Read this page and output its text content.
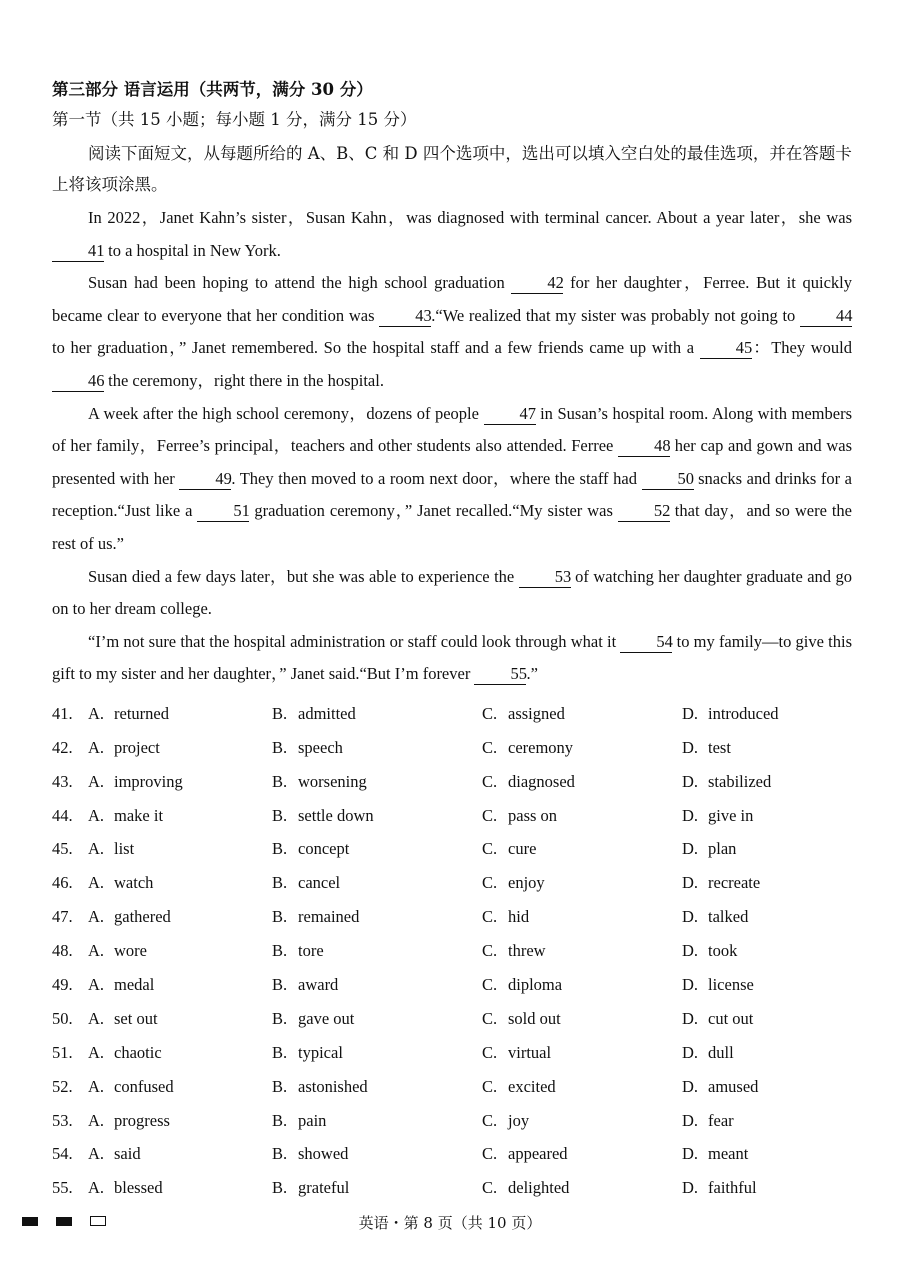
第三部分 语言运用（共两节，满分 30 分）
第一节（共 15 小题；每小题 1 分，满分 15 分）
阅读下面短文，从每题所给的 A、B、C 和 D 四个选项中，选出可以填入空白处的最佳选项，并在答题卡上将该项涂黑。
In 2022，Janet Kahn’s sister，Susan Kahn，was diagnosed with terminal cancer. About a year later，she was 41 to a hospital in New York.
Susan had been hoping to attend the high school graduation 42 for her daughter，Ferree. But it quickly became clear to everyone that her condition was 43.“We realized that my sister was probably not going to 44 to her graduation，” Janet remembered. So the hospital staff and a few friends came up with a 45：They would 46 the ceremony，right there in the hospital.
A week after the high school ceremony，dozens of people 47 in Susan’s hospital room. Along with members of her family，Ferree’s principal，teachers and other students also attended. Ferree 48 her cap and gown and was presented with her 49. They then moved to a room next door，where the staff had 50 snacks and drinks for a reception.“Just like a 51 graduation ceremony，” Janet recalled.“My sister was 52 that day，and so were the rest of us.”
Susan died a few days later，but she was able to experience the 53 of watching her daughter graduate and go on to her dream college.
“I’m not sure that the hospital administration or staff could look through what it 54 to my family—to give this gift to my sister and her daughter，” Janet said.“But I’m forever 55.”
41. A. returned	B. admitted	C. assigned	D. introduced
42. A. project	B. speech	C. ceremony	D. test
43. A. improving	B. worsening	C. diagnosed	D. stabilized
44. A. make it	B. settle down	C. pass on	D. give in
45. A. list	B. concept	C. cure	D. plan
46. A. watch	B. cancel	C. enjoy	D. recreate
47. A. gathered	B. remained	C. hid	D. talked
48. A. wore	B. tore	C. threw	D. took
49. A. medal	B. award	C. diploma	D. license
50. A. set out	B. gave out	C. sold out	D. cut out
51. A. chaotic	B. typical	C. virtual	D. dull
52. A. confused	B. astonished	C. excited	D. amused
53. A. progress	B. pain	C. joy	D. fear
54. A. said	B. showed	C. appeared	D. meant
55. A. blessed	B. grateful	C. delighted	D. faithful
英语・第 8 页（共 10 页）
